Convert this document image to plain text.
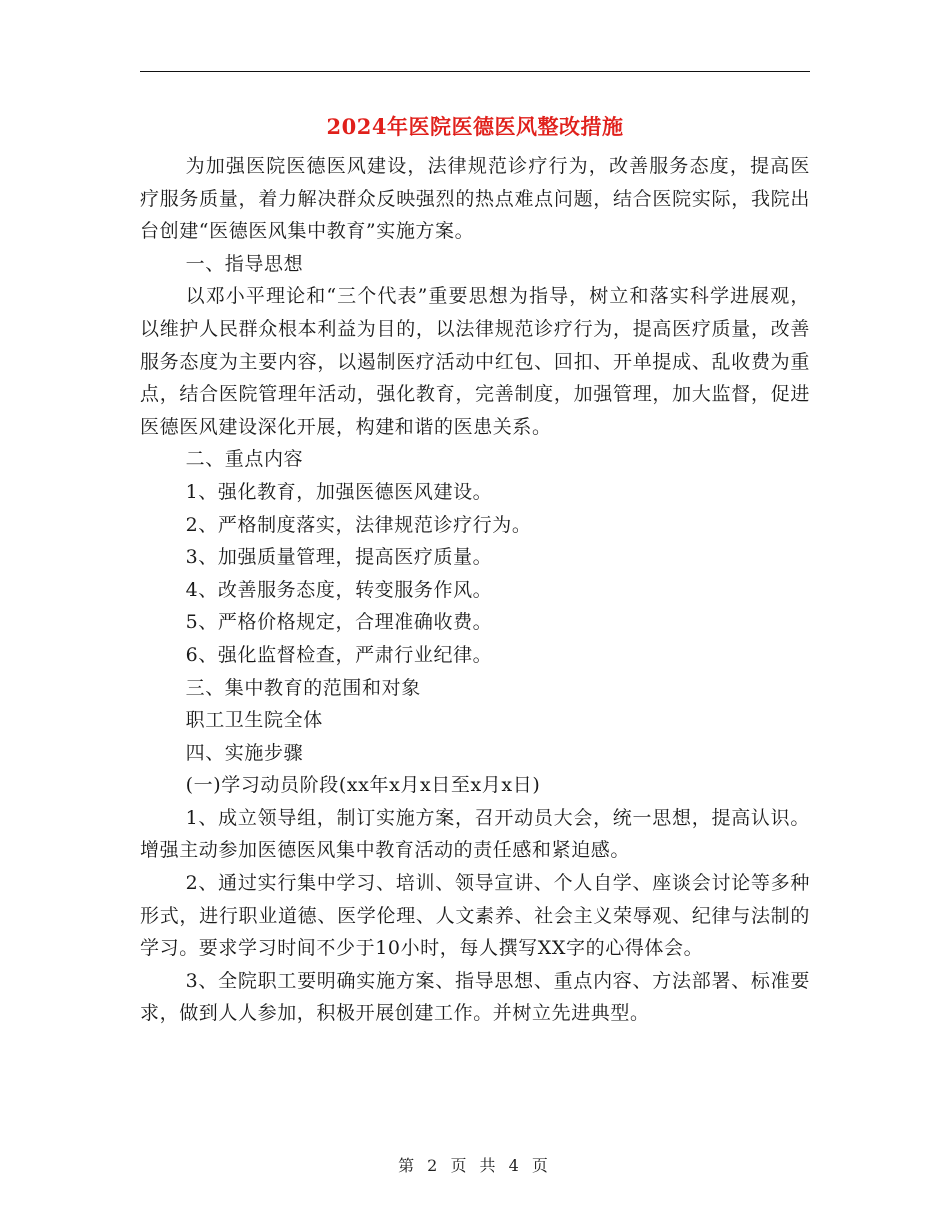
2024年医院医德医风整改措施

为加强医院医德医风建设，法律规范诊疗行为，改善服务态度，提高医疗服务质量，着力解决群众反映强烈的热点难点问题，结合医院实际，我院出台创建“医德医风集中教育”实施方案。

一、指导思想

以邓小平理论和“三个代表”重要思想为指导，树立和落实科学进展观，以维护人民群众根本利益为目的，以法律规范诊疗行为，提高医疗质量，改善服务态度为主要内容，以遏制医疗活动中红包、回扣、开单提成、乱收费为重点，结合医院管理年活动，强化教育，完善制度，加强管理，加大监督，促进医德医风建设深化开展，构建和谐的医患关系。

二、重点内容

1、强化教育，加强医德医风建设。

2、严格制度落实，法律规范诊疗行为。

3、加强质量管理，提高医疗质量。

4、改善服务态度，转变服务作风。

5、严格价格规定，合理准确收费。

6、强化监督检查，严肃行业纪律。

三、集中教育的范围和对象

职工卫生院全体

四、实施步骤

(一)学习动员阶段(xx年x月x日至x月x日)

1、成立领导组，制订实施方案，召开动员大会，统一思想，提高认识。增强主动参加医德医风集中教育活动的责任感和紧迫感。

2、通过实行集中学习、培训、领导宣讲、个人自学、座谈会讨论等多种形式，进行职业道德、医学伦理、人文素养、社会主义荣辱观、纪律与法制的学习。要求学习时间不少于10小时，每人撰写XX字的心得体会。

3、全院职工要明确实施方案、指导思想、重点内容、方法部署、标准要求，做到人人参加，积极开展创建工作。并树立先进典型。

第 2 页 共 4 页
